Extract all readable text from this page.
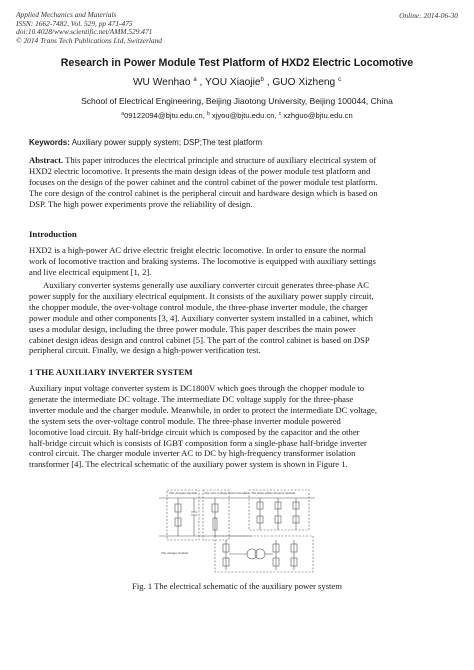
Applied Mechanics and Materials
ISSN: 1662-7482, Vol. 529, pp 471-475
doi:10.4028/www.scientific.net/AMM.529.471
© 2014 Trans Tech Publications Ltd, Switzerland
Online: 2014-06-30
Research in Power Module Test Platform of HXD2 Electric Locomotive
WU Wenhao $^a$ , YOU Xiaojie$^b$ , GUO Xizheng $^c$
School of Electrical Engineering, Beijing Jiaotong University, Beijing 100044, China
$^a$09122094@bjtu.edu.cn, $^b$ xjyou@bjtu.edu.cn, $^c$ xzhguo@bjtu.edu.cn
Keywords: Auxiliary power supply system; DSP;The test platform
Abstract. This paper introduces the electrical principle and structure of auxiliary electrical system of
HXD2 electric locomotive. It presents the main design ideas of the power module test platform and
focuses on the design of the power cabinet and the control cabinet of the power module test platform.
The core design of the control cabinet is the peripheral circuit and hardware design which is based on
DSP. The high power experiments prove the reliability of design.
Introduction
HXD2 is a high-power AC drive electric freight electric locomotive. In order to ensure the normal
work of locomotive traction and braking systems. The locomotive is equipped with auxiliary settings
and live electrical equipment [1, 2].
Auxiliary converter systems generally use auxiliary converter circuit generates three-phase AC
power supply for the auxiliary electrical equipment. It consists of the auxiliary power supply circuit,
the chopper module, the over-voltage control module, the three-phase inverter module, the charger
power module and other components [3, 4]. Auxiliary converter system installed in a cabinet, which
uses a modular design, including the three power module. This paper describes the main power
cabinet design ideas design and control cabinet [5]. The part of the control cabinet is based on DSP
peripheral circuit. Finally, we design a high-power verification test.
1 THE AUXILIARY INVERTER SYSTEM
Auxiliary input voltage converter system is DC1800V which goes through the chopper module to
generate the intermediate DC voltage. The intermediate DC voltage supply for the three-phase
inverter module and the charger module. Meanwhile, in order to protect the intermediate DC voltage,
the system sets the over-voltage control module. The three-phase inverter module powered
locomotive load circuit. By half-bridge circuit which is composed by the capacitor and the other
half-bridge circuit which is consists of IGBT composition form a single-phase half-bridge inverter
control circuit. The charger module inverter AC to DC by high-frequency transformer isolation
transformer [4]. The electrical schematic of the auxiliary power system is shown in Figure 1.
The chopper module The over-voltage control module The three-phase inverter module
The charger module
Fig. 1 The electrical schematic of the auxiliary power system
